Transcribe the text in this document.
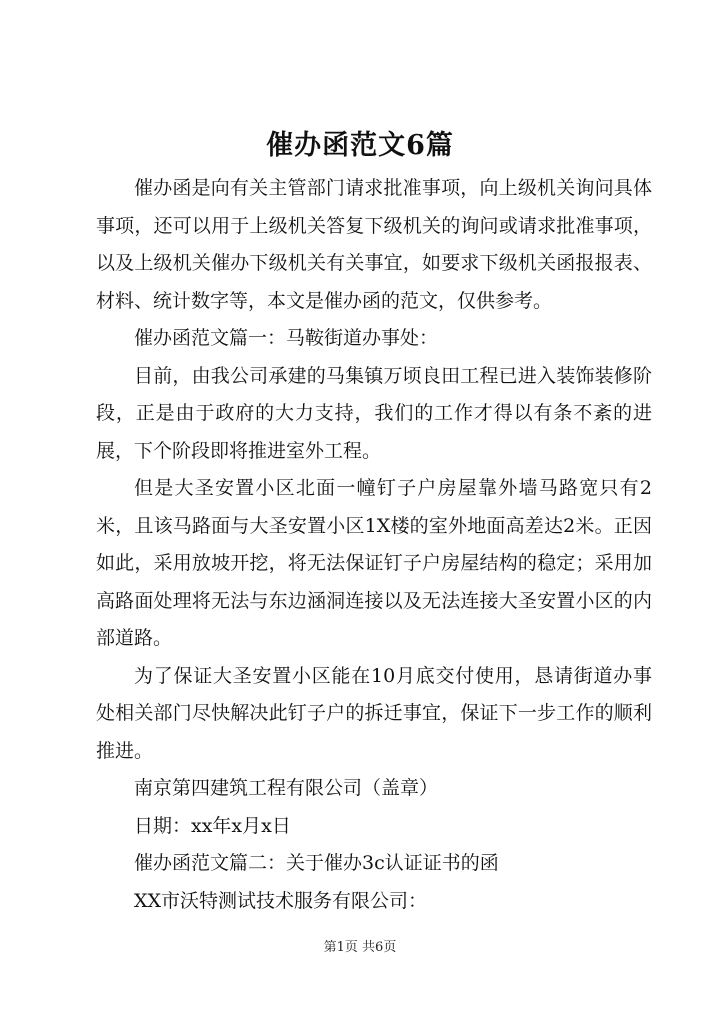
催办函范文6篇

催办函是向有关主管部门请求批准事项，向上级机关询问具体事项，还可以用于上级机关答复下级机关的询问或请求批准事项，以及上级机关催办下级机关有关事宜，如要求下级机关函报报表、材料、统计数字等，本文是催办函的范文，仅供参考。

催办函范文篇一：马鞍街道办事处：

目前，由我公司承建的马集镇万顷良田工程已进入装饰装修阶段，正是由于政府的大力支持，我们的工作才得以有条不紊的进展，下个阶段即将推进室外工程。

但是大圣安置小区北面一幢钉子户房屋靠外墙马路宽只有2米，且该马路面与大圣安置小区1X楼的室外地面高差达2米。正因如此，采用放坡开挖，将无法保证钉子户房屋结构的稳定；采用加高路面处理将无法与东边涵洞连接以及无法连接大圣安置小区的内部道路。

为了保证大圣安置小区能在10月底交付使用，恳请街道办事处相关部门尽快解决此钉子户的拆迁事宜，保证下一步工作的顺利推进。

南京第四建筑工程有限公司（盖章）

日期：xx年x月x日

催办函范文篇二：关于催办3c认证证书的函

XX市沃特测试技术服务有限公司：

第1页 共6页
